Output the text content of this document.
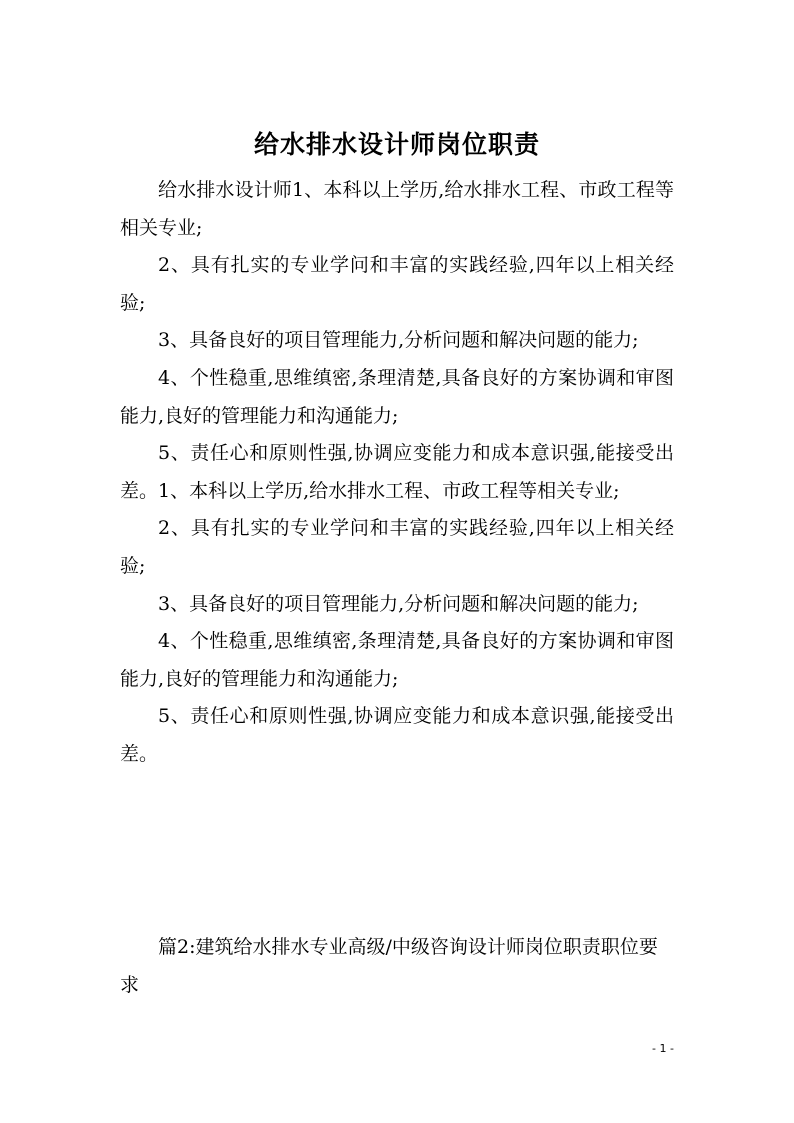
给水排水设计师岗位职责

给水排水设计师1、本科以上学历,给水排水工程、市政工程等相关专业;

2、具有扎实的专业学问和丰富的实践经验,四年以上相关经验;

3、具备良好的项目管理能力,分析问题和解决问题的能力;

4、个性稳重,思维缜密,条理清楚,具备良好的方案协调和审图能力,良好的管理能力和沟通能力;

5、责任心和原则性强,协调应变能力和成本意识强,能接受出差。1、本科以上学历,给水排水工程、市政工程等相关专业;

2、具有扎实的专业学问和丰富的实践经验,四年以上相关经验;

3、具备良好的项目管理能力,分析问题和解决问题的能力;

4、个性稳重,思维缜密,条理清楚,具备良好的方案协调和审图能力,良好的管理能力和沟通能力;

5、责任心和原则性强,协调应变能力和成本意识强,能接受出差。

篇2:建筑给水排水专业高级/中级咨询设计师岗位职责职位要求

- 1 -
